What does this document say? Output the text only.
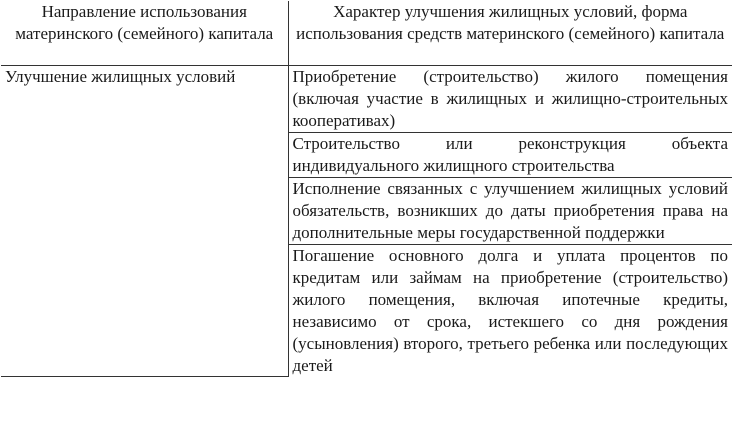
Направление использования материнского (семейного) капитала	Характер улучшения жилищных условий, форма использования средств материнского (семейного) капитала
Улучшение жилищных условий	Приобретение (строительство) жилого помещения (включая участие в жилищных и жилищно-строительных кооперативах)
	Строительство или реконструкция объекта индивидуального жилищного строительства
	Исполнение связанных с улучшением жилищных условий обязательств, возникших до даты приобретения права на дополнительные меры государственной поддержки
	Погашение основного долга и уплата процентов по кредитам или займам на приобретение (строительство) жилого помещения, включая ипотечные кредиты, независимо от срока, истекшего со дня рождения (усыновления) второго, третьего ребенка или последующих детей
